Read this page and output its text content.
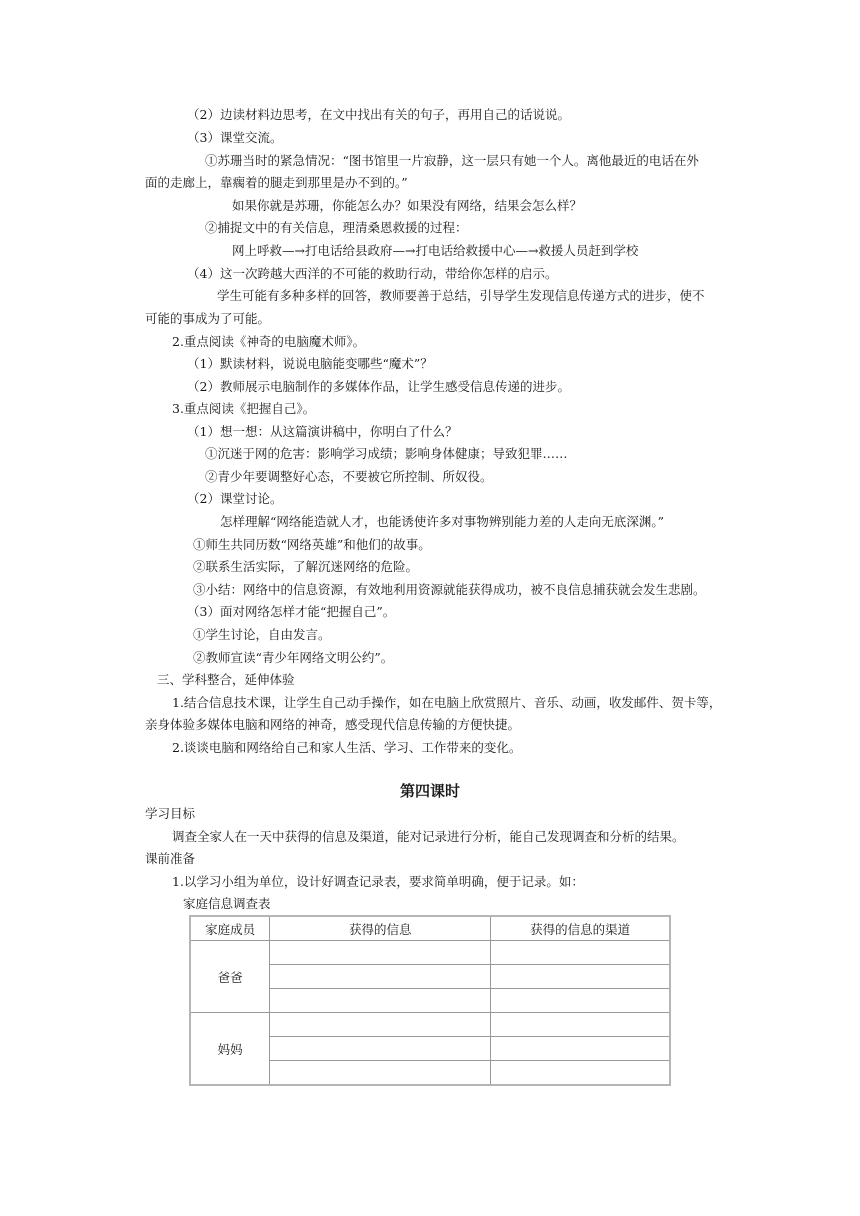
（2）边读材料边思考，在文中找出有关的句子，再用自己的话说说。
（3）课堂交流。
①苏珊当时的紧急情况：“图书馆里一片寂静，这一层只有她一个人。离他最近的电话在外
面的走廊上，靠瘸着的腿走到那里是办不到的。”
如果你就是苏珊，你能怎么办？如果没有网络，结果会怎么样？
②捕捉文中的有关信息，理清桑恩救援的过程：
网上呼救—→打电话给县政府—→打电话给救援中心—→救援人员赶到学校
（4）这一次跨越大西洋的不可能的救助行动，带给你怎样的启示。
学生可能有多种多样的回答，教师要善于总结，引导学生发现信息传递方式的进步，使不
可能的事成为了可能。
2.重点阅读《神奇的电脑魔术师》。
（1）默读材料，说说电脑能变哪些“魔术”？
（2）教师展示电脑制作的多媒体作品，让学生感受信息传递的进步。
3.重点阅读《把握自己》。
（1）想一想：从这篇演讲稿中，你明白了什么？
①沉迷于网的危害：影响学习成绩；影响身体健康；导致犯罪……
②青少年要调整好心态，不要被它所控制、所奴役。
（2）课堂讨论。
怎样理解“网络能造就人才，也能诱使许多对事物辨别能力差的人走向无底深渊。”
①师生共同历数“网络英雄”和他们的故事。
②联系生活实际，了解沉迷网络的危险。
③小结：网络中的信息资源，有效地利用资源就能获得成功，被不良信息捕获就会发生悲剧。
（3）面对网络怎样才能“把握自己”。
①学生讨论，自由发言。
②教师宣读“青少年网络文明公约”。
三、学科整合，延伸体验
1.结合信息技术课，让学生自己动手操作，如在电脑上欣赏照片、音乐、动画，收发邮件、贺卡等，
亲身体验多媒体电脑和网络的神奇，感受现代信息传输的方便快捷。
2.谈谈电脑和网络给自己和家人生活、学习、工作带来的变化。
第四课时
学习目标
调查全家人在一天中获得的信息及渠道，能对记录进行分析，能自己发现调查和分析的结果。
课前准备
1.以学习小组为单位，设计好调查记录表，要求简单明确，便于记录。如：
家庭信息调查表
家庭成员	获得的信息	获得的信息的渠道
爸爸		

妈妈		
